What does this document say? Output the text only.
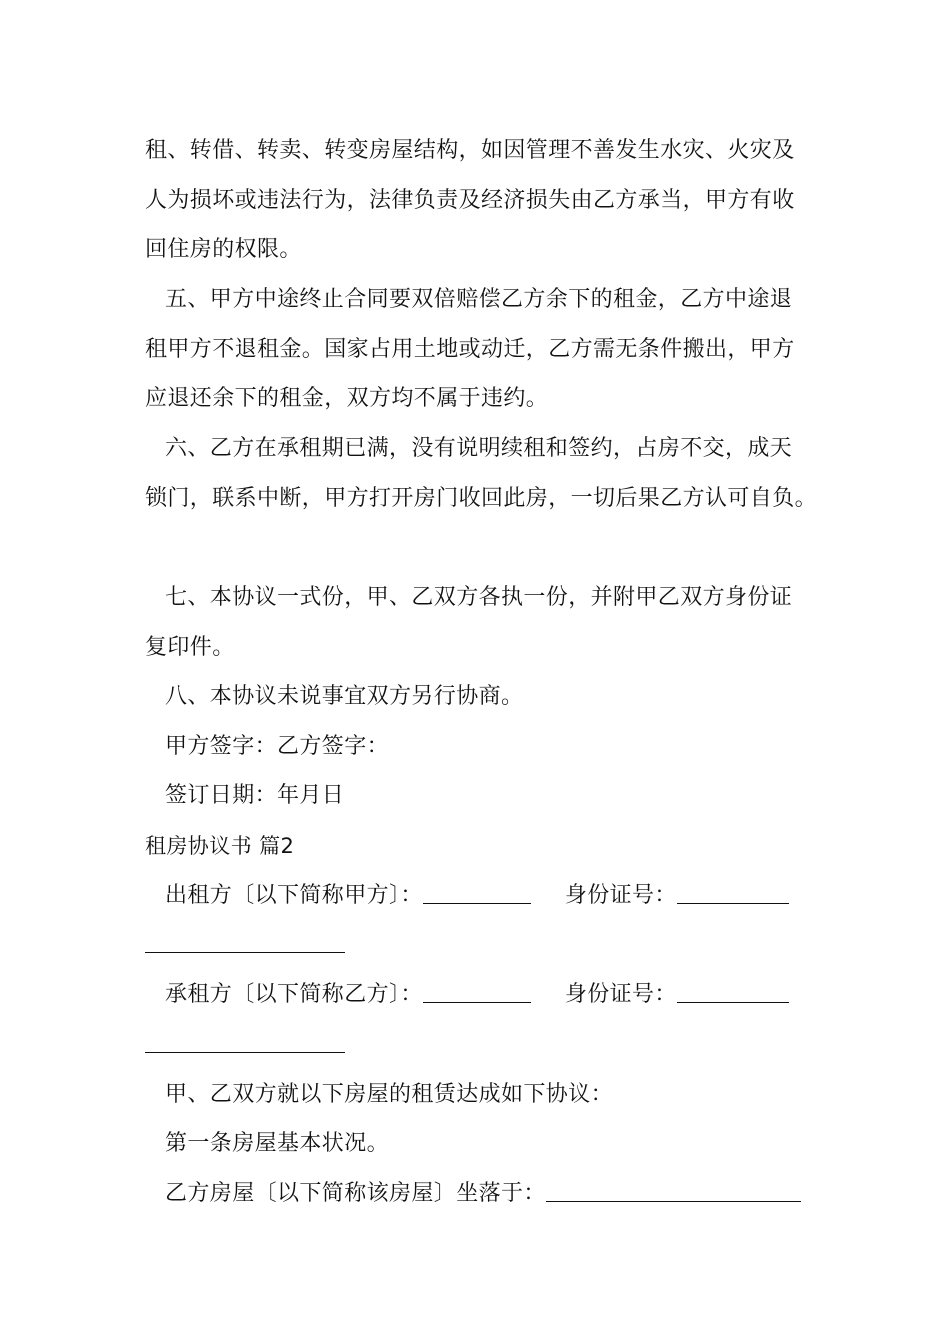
租、转借、转卖、转变房屋结构，如因管理不善发生水灾、火灾及
人为损坏或违法行为，法律负责及经济损失由乙方承当，甲方有收
回住房的权限。
五、甲方中途终止合同要双倍赔偿乙方余下的租金，乙方中途退
租甲方不退租金。国家占用土地或动迁，乙方需无条件搬出，甲方
应退还余下的租金，双方均不属于违约。
六、乙方在承租期已满，没有说明续租和签约，占房不交，成天
锁门，联系中断，甲方打开房门收回此房，一切后果乙方认可自负。
七、本协议一式份，甲、乙双方各执一份，并附甲乙双方身份证
复印件。
八、本协议未说事宜双方另行协商。
甲方签字：乙方签字：
签订日期：年月日
租房协议书 篇2
出租方〔以下简称甲方〕：	身份证号：
承租方〔以下简称乙方〕：	身份证号：
甲、乙双方就以下房屋的租赁达成如下协议：
第一条房屋基本状况。
乙方房屋〔以下简称该房屋〕坐落于：
